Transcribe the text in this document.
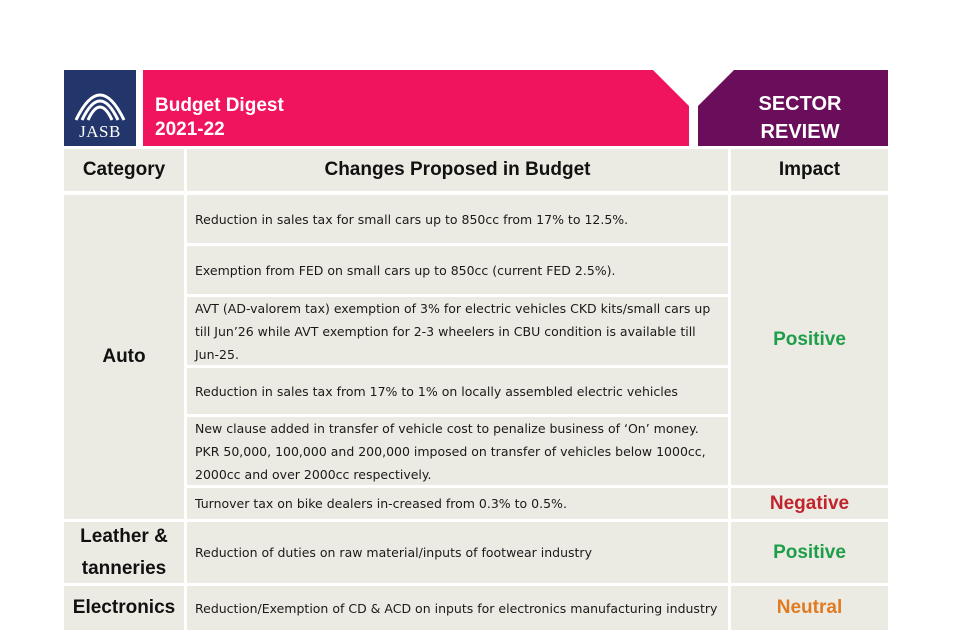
JASB
Budget Digest
2021-22
SECTOR
REVIEW
Category	Changes Proposed in Budget	Impact
Auto
Leather &
tanneries
Electronics
Reduction in sales tax for small cars up to 850cc from 17% to 12.5%.
Exemption from FED on small cars up to 850cc (current FED 2.5%).
AVT (AD-valorem tax) exemption of 3% for electric vehicles CKD kits/small cars up till Jun’26 while AVT exemption for 2-3 wheelers in CBU condition is available till Jun-25.
Reduction in sales tax from 17% to 1% on locally assembled electric vehicles
New clause added in transfer of vehicle cost to penalize business of ‘On’ money. PKR 50,000, 100,000 and 200,000 imposed on transfer of vehicles below 1000cc, 2000cc and over 2000cc respectively.
Turnover tax on bike dealers in-creased from 0.3% to 0.5%.
Reduction of duties on raw material/inputs of footwear industry
Reduction/Exemption of CD & ACD on inputs for electronics manufacturing industry
Positive
Negative
Positive
Neutral
